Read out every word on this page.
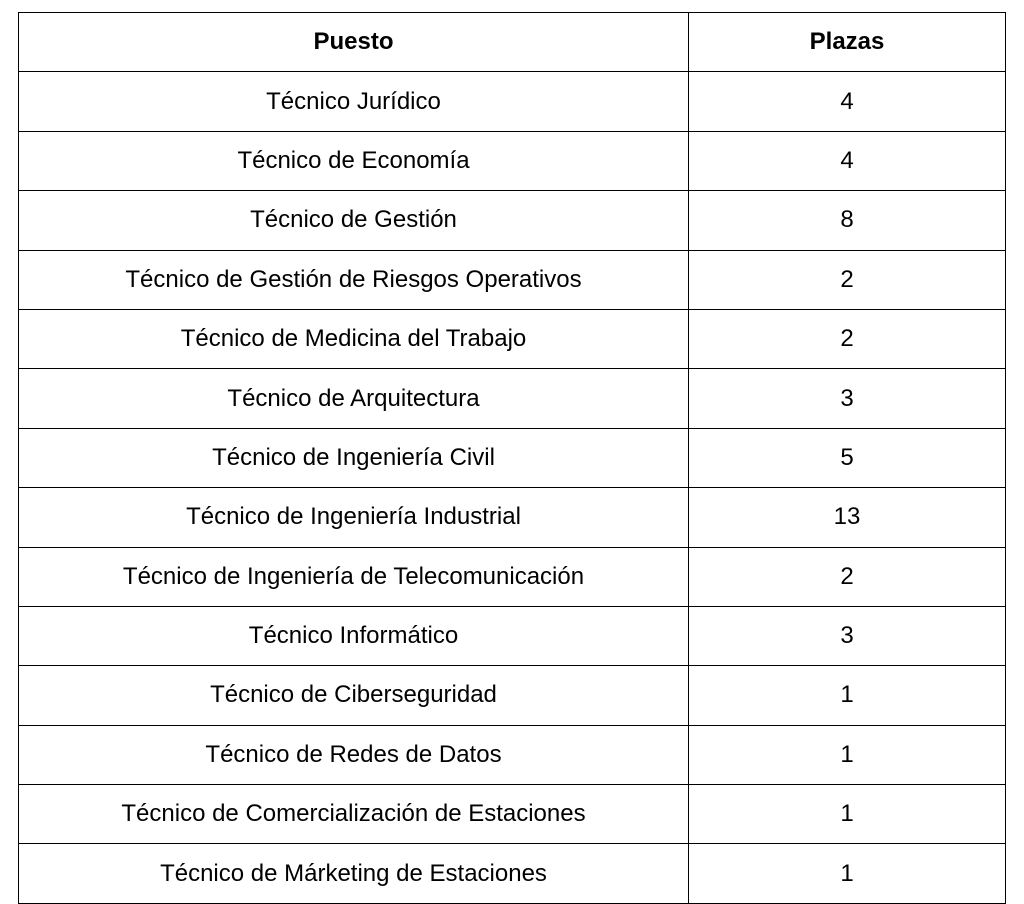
Puesto	Plazas
Técnico Jurídico	4
Técnico de Economía	4
Técnico de Gestión	8
Técnico de Gestión de Riesgos Operativos	2
Técnico de Medicina del Trabajo	2
Técnico de Arquitectura	3
Técnico de Ingeniería Civil	5
Técnico de Ingeniería Industrial	13
Técnico de Ingeniería de Telecomunicación	2
Técnico Informático	3
Técnico de Ciberseguridad	1
Técnico de Redes de Datos	1
Técnico de Comercialización de Estaciones	1
Técnico de Márketing de Estaciones	1
